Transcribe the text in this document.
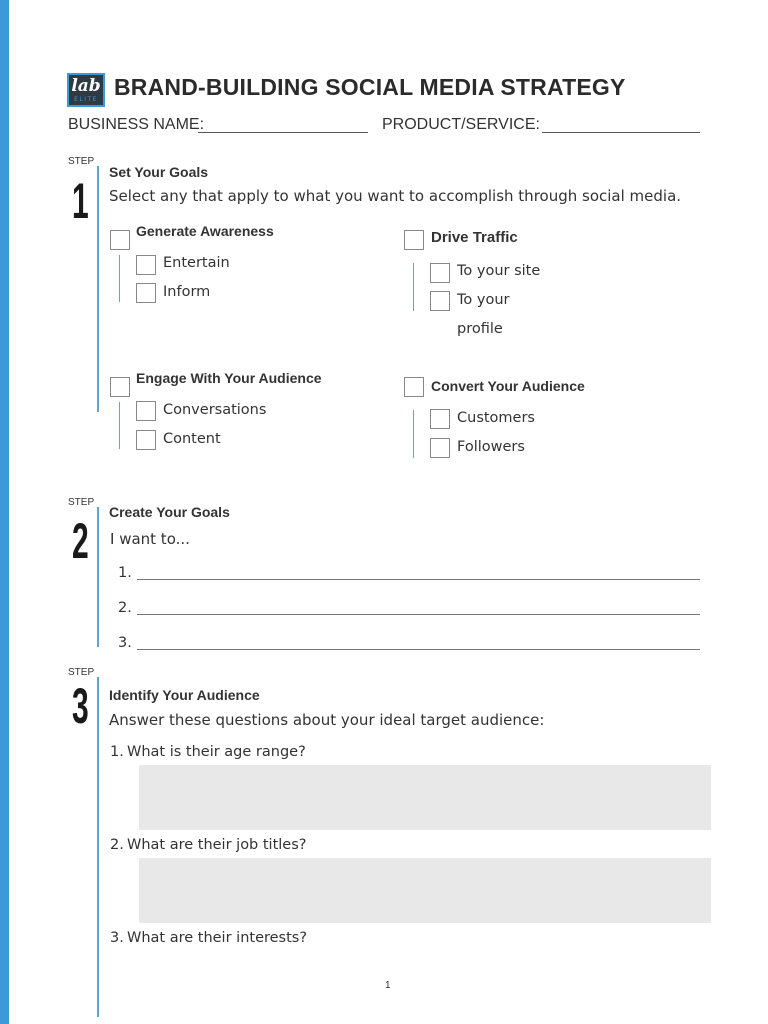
lab
ELITE BRAND-BUILDING SOCIAL MEDIA STRATEGY
BUSINESS NAME:	PRODUCT/SERVICE:
STEP
1
Set Your Goals
Select any that apply to what you want to accomplish through social media.
Generate Awareness
Entertain
Inform
Drive Traffic
To your site
To your
profile
Engage With Your Audience
Conversations
Content
Convert Your Audience
Customers
Followers
STEP
2
Create Your Goals
I want to...
1.
2.
3.
STEP
3 Identify Your Audience
Answer these questions about your ideal target audience:
1. What is their age range?
2. What are their job titles?
3. What are their interests?
1
